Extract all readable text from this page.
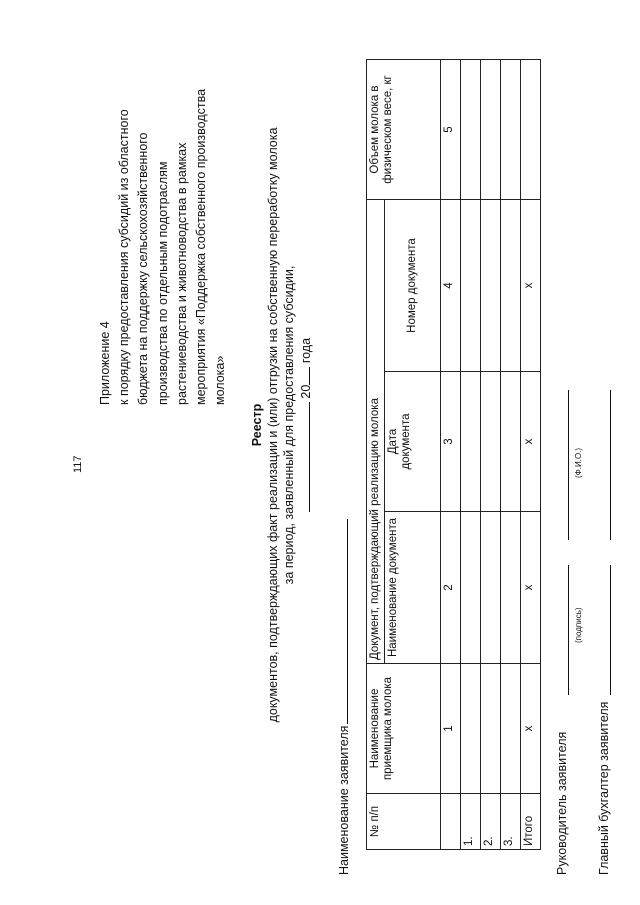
117
Приложение 4 к порядку предоставления субсидий из областного бюджета на поддержку сельскохозяйственного производства по отдельным подотраслям растениеводства и животноводства в рамках мероприятия «Поддержка собственного производства молока»
Реестр документов, подтверждающих факт реализации и (или) отгрузки на собственную переработку молока за период, заявленный для предоставления субсидии, 20 года
Наименование заявителя № п/п	Наименование приемщика молока	Документ, подтверждающий реализацию молока			Объем молока в физическом весе, кг
		Наименование документа	Дата документа	Номер документа	
	1	2	3	4	5
1.					
2.					
3.					
Итого	х	х	х	х	
Руководитель заявителя
(подпись)
(Ф.И.О.)
Главный бухгалтер заявителя
